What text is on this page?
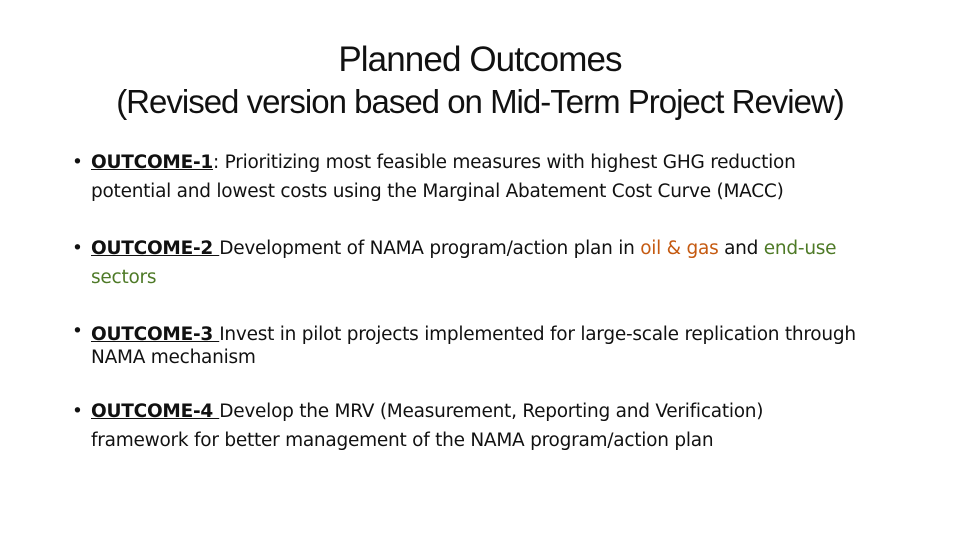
Planned Outcomes
(Revised version based on Mid-Term Project Review)
• OUTCOME-1: Prioritizing most feasible measures with highest GHG reduction potential and lowest costs using the Marginal Abatement Cost Curve (MACC)
• OUTCOME-2 Development of NAMA program/action plan in oil & gas and end-use sectors
• OUTCOME-3 Invest in pilot projects implemented for large-scale replication through NAMA mechanism
• OUTCOME-4 Develop the MRV (Measurement, Reporting and Verification) framework for better management of the NAMA program/action plan
